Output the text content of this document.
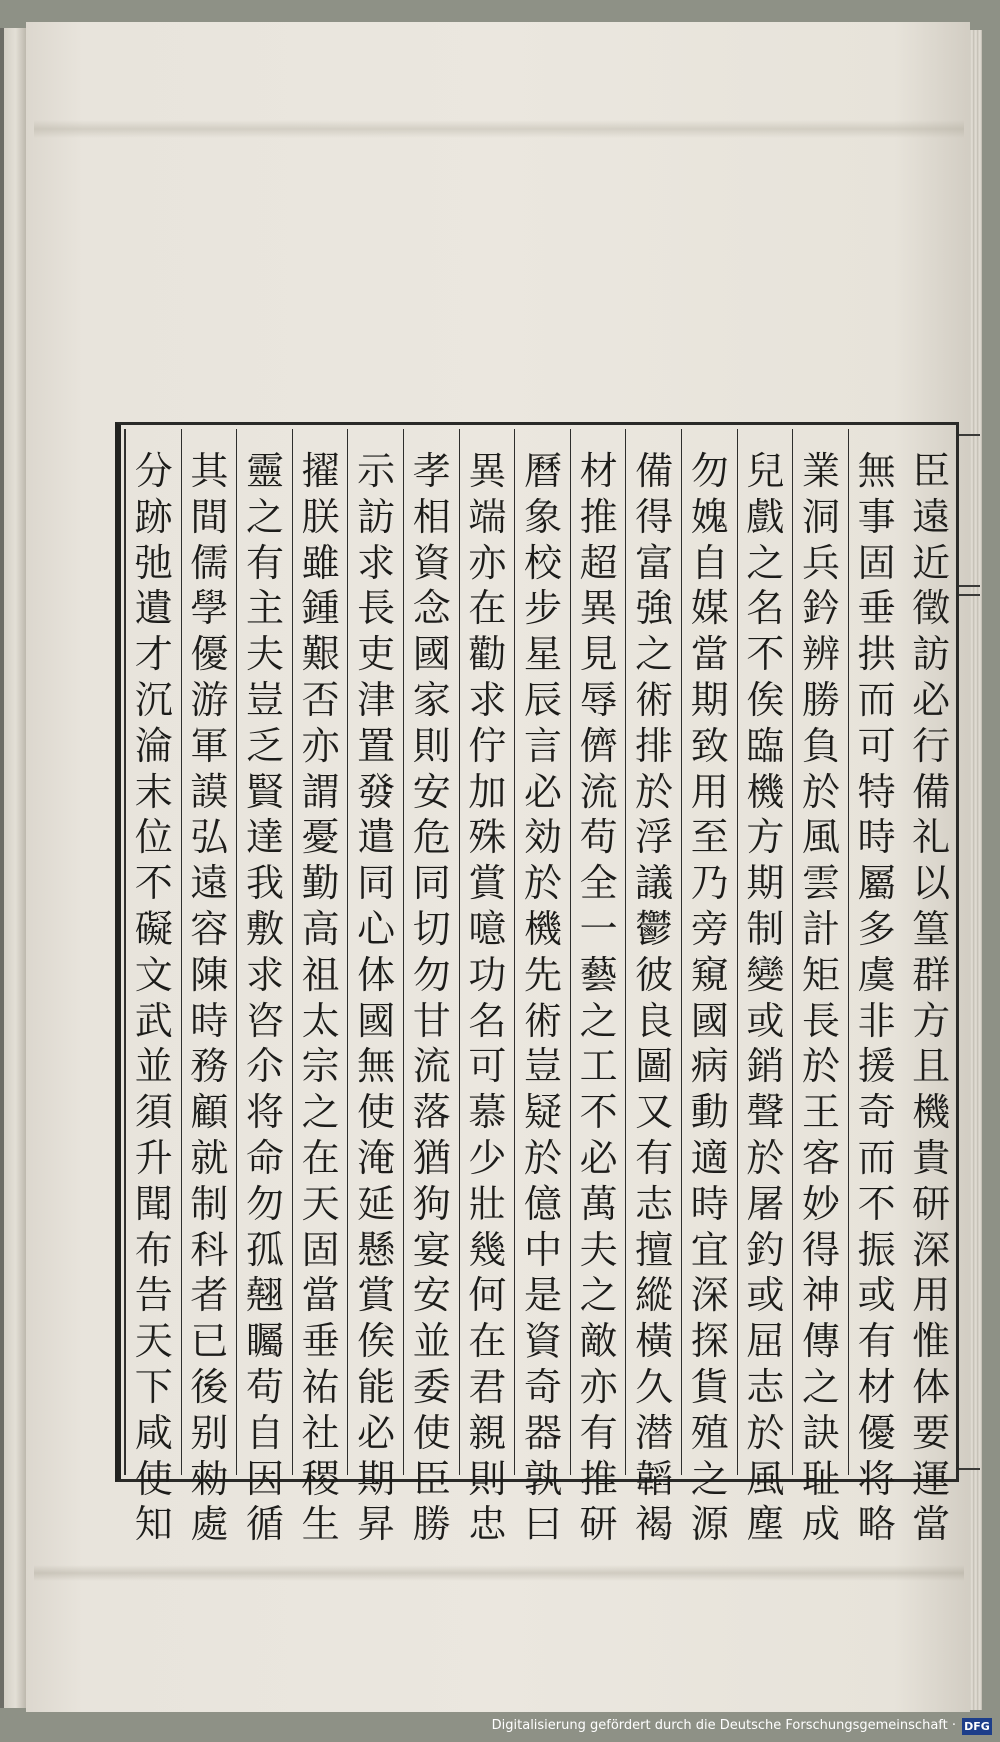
臣
遠
近
徵
訪
必
行
備
礼
以
篁
群
方
且
機
貴
研
深
用
惟
体
要
運
當
無
事
固
垂
拱
而
可
特
時
屬
多
虞
非
援
奇
而
不
振
或
有
材
優
将
略
業
洞
兵
鈐
辨
勝
負
於
風
雲
計
矩
長
於
王
客
妙
得
神
傳
之
訣
耻
成
兒
戲
之
名
不
俟
臨
機
方
期
制
變
或
銷
聲
於
屠
釣
或
屈
志
於
風
塵
勿
媿
自
媒
當
期
致
用
至
乃
旁
窺
國
病
動
適
時
宜
深
探
貨
殖
之
源
備
得
富
強
之
術
排
於
浮
議
鬱
彼
良
圖
又
有
志
擅
縱
橫
久
潜
韜
褐
材
推
超
異
見
辱
儕
流
苟
全
一
藝
之
工
不
必
萬
夫
之
敵
亦
有
推
研
曆
象
校
步
星
辰
言
必
効
於
機
先
術
豈
疑
於
億
中
是
資
奇
器
孰
曰
異
端
亦
在
勸
求
佇
加
殊
賞
噫
功
名
可
慕
少
壯
幾
何
在
君
親
則
忠
孝
相
資
念
國
家
則
安
危
同
切
勿
甘
流
落
猶
狗
宴
安
並
委
使
臣
勝
示
訪
求
長
吏
津
置
發
遣
同
心
体
國
無
使
淹
延
懸
賞
俟
能
必
期
昇
擢
朕
雖
鍾
艱
否
亦
謂
憂
勤
高
祖
太
宗
之
在
天
固
當
垂
祐
社
稷
生
靈
之
有
主
夫
豈
乏
賢
達
我
敷
求
咨
尒
将
命
勿
孤
翹
矚
苟
自
因
循
其
間
儒
學
優
游
軍
謨
弘
遠
容
陳
時
務
顧
就
制
科
者
已
後
别
勑
處
分
跡
弛
遺
才
沉
淪
末
位
不
礙
文
武
並
須
升
聞
布
告
天
下
咸
使
知
Digitalisierung gefördert durch die Deutsche Forschungsgemeinschaft · DFG
